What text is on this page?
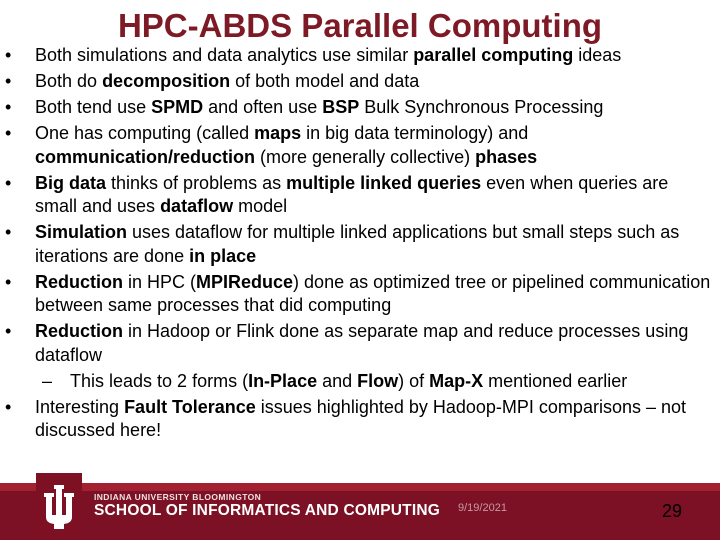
HPC-ABDS Parallel Computing
• Both simulations and data analytics use similar parallel computing ideas
• Both do decomposition of both model and data
• Both tend use SPMD and often use BSP Bulk Synchronous Processing
• One has computing (called maps in big data terminology) and communication/reduction (more generally collective) phases
• Big data thinks of problems as multiple linked queries even when queries are small and uses dataflow model
• Simulation uses dataflow for multiple linked applications but small steps such as iterations are done in place
• Reduction in HPC (MPIReduce) done as optimized tree or pipelined communication between same processes that did computing
• Reduction in Hadoop or Flink done as separate map and reduce processes using dataflow
– This leads to 2 forms (In-Place and Flow) of Map-X mentioned earlier
• Interesting Fault Tolerance issues highlighted by Hadoop-MPI comparisons – not discussed here!
INDIANA UNIVERSITY BLOOMINGTON
SCHOOL OF INFORMATICS AND COMPUTING 9/19/2021	29
